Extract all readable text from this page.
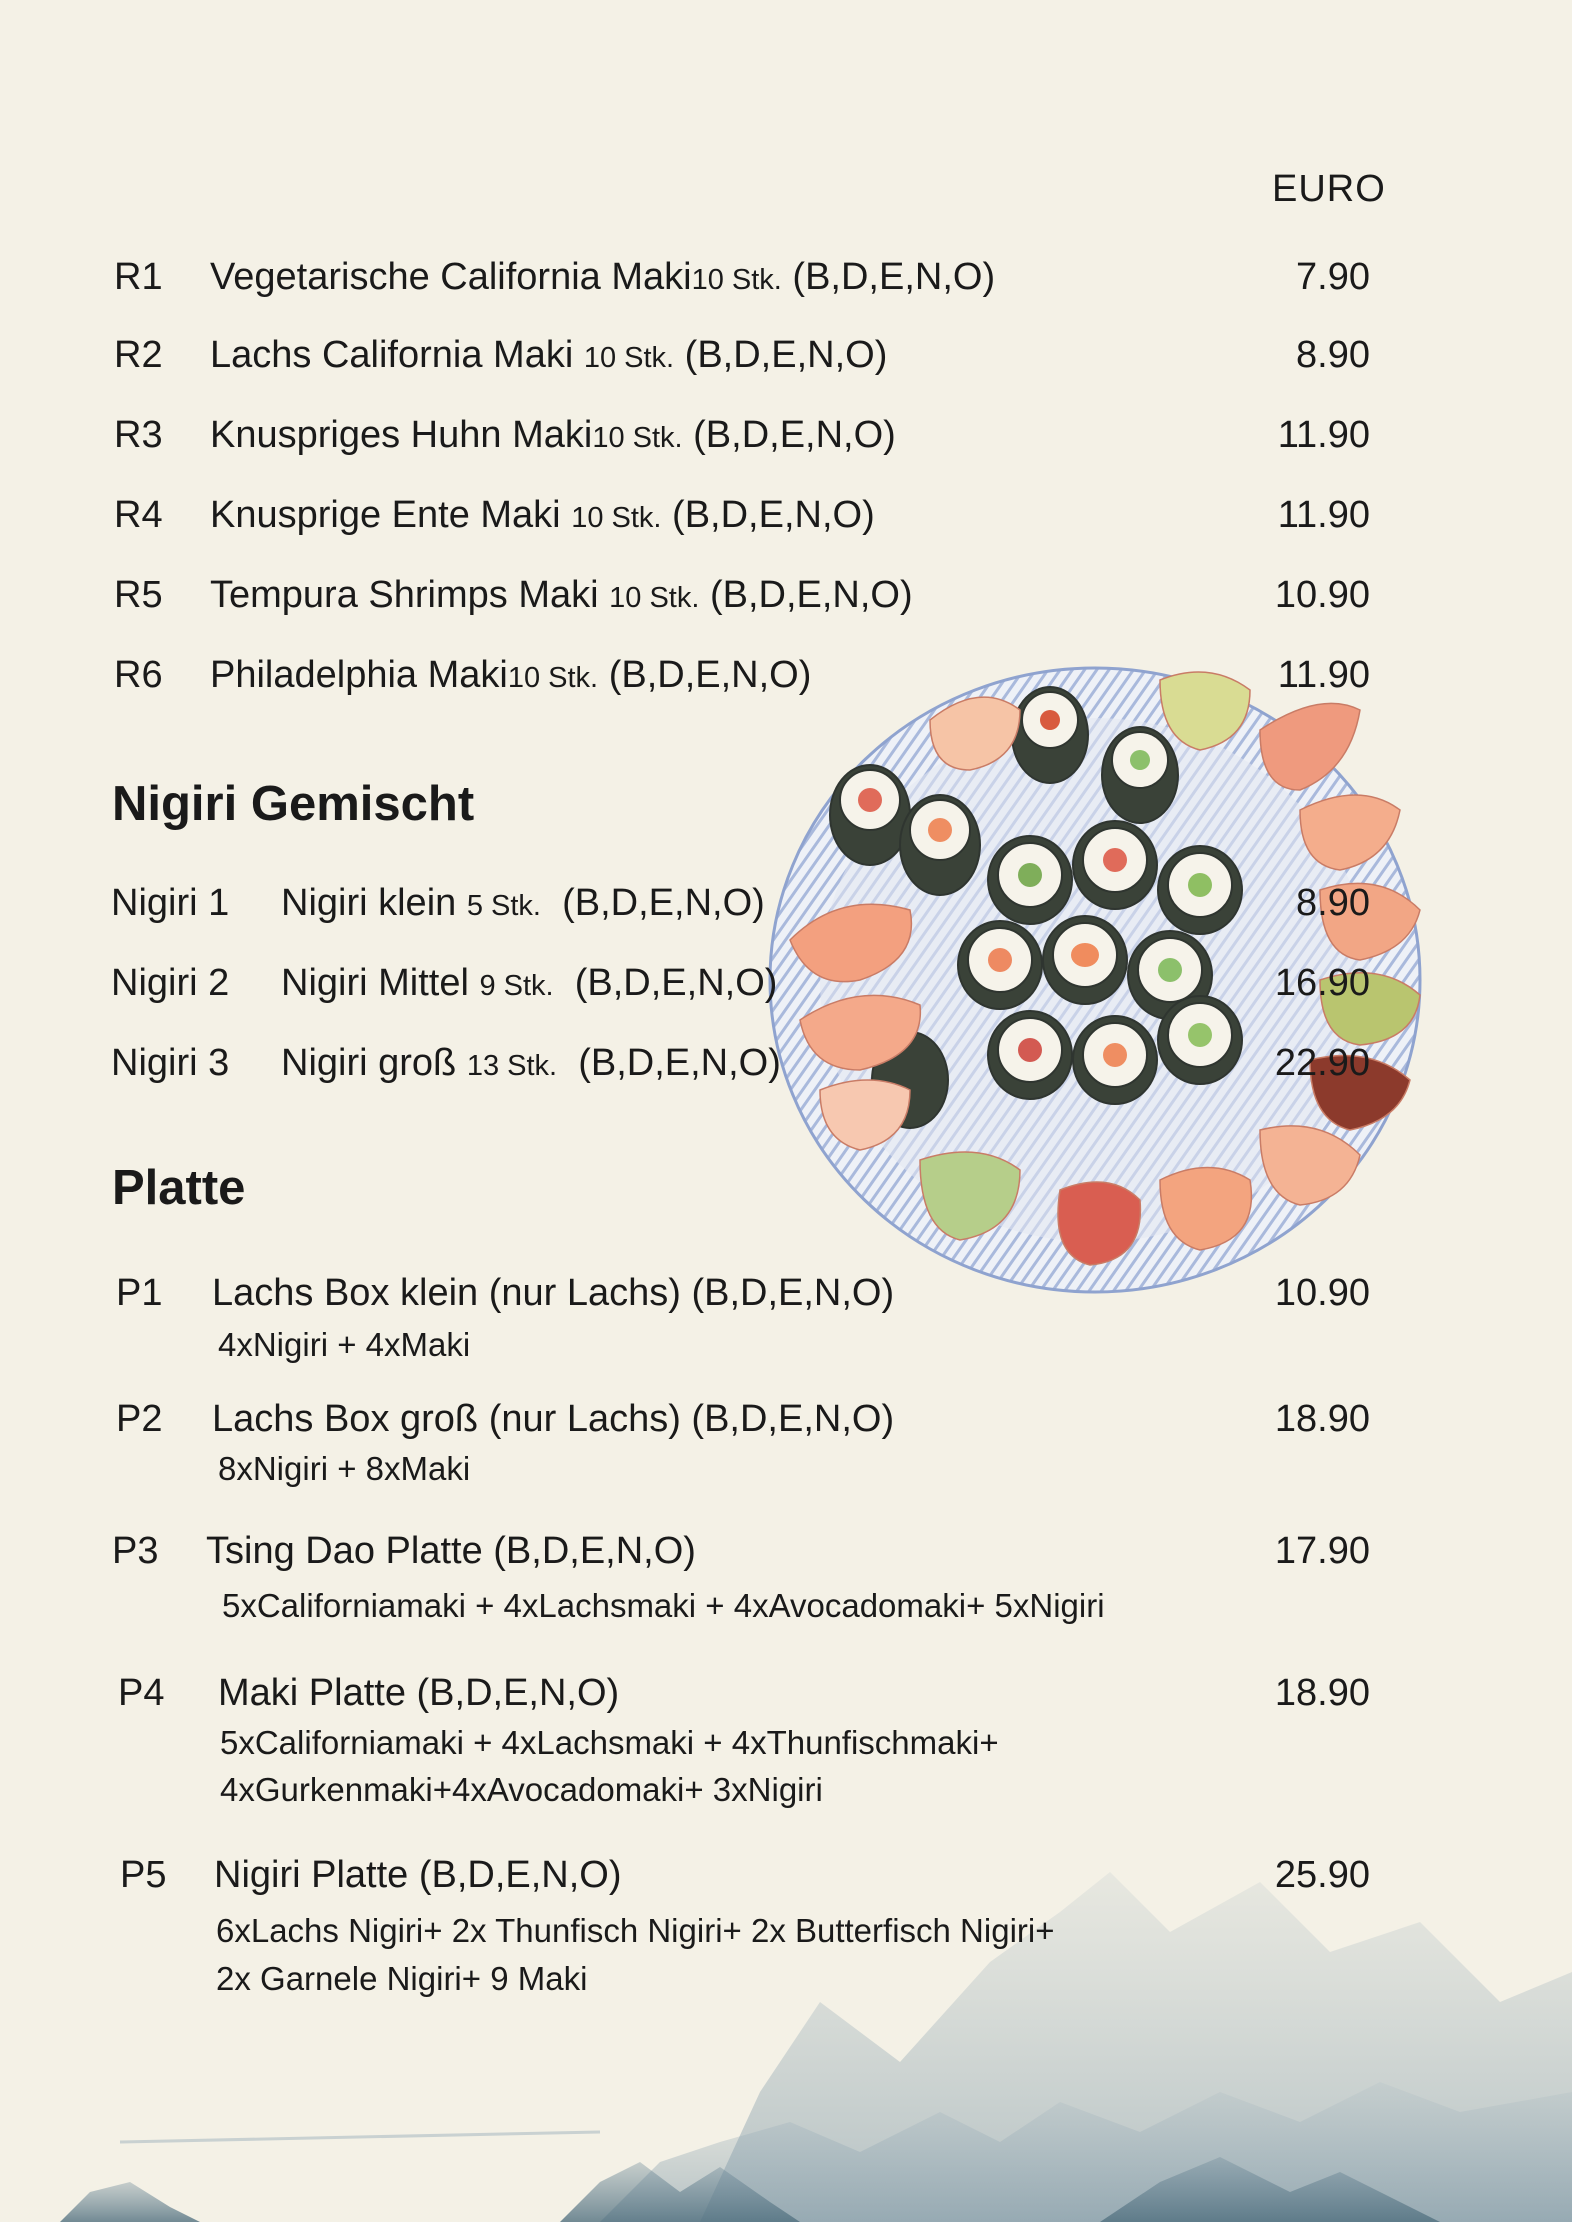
EURO
R1 Vegetarische California Maki10 Stk. (B,D,E,N,O)	7.90
R2 Lachs California Maki 10 Stk. (B,D,E,N,O)	8.90
R3 Knuspriges Huhn Maki10 Stk. (B,D,E,N,O)	11.90
R4 Knusprige Ente Maki 10 Stk. (B,D,E,N,O)	11.90
R5 Tempura Shrimps Maki 10 Stk. (B,D,E,N,O)	10.90
R6 Philadelphia Maki10 Stk. (B,D,E,N,O)	11.90
Nigiri Gemischt
Nigiri 1 Nigiri klein 5 Stk. (B,D,E,N,O)	8.90
Nigiri 2 Nigiri Mittel 9 Stk. (B,D,E,N,O)	16.90
Nigiri 3 Nigiri groß 13 Stk. (B,D,E,N,O)	22.90
Platte
P1 Lachs Box klein (nur Lachs) (B,D,E,N,O)	10.90
4xNigiri + 4xMaki
P2 Lachs Box groß (nur Lachs) (B,D,E,N,O)	18.90
8xNigiri + 8xMaki
P3 Tsing Dao Platte (B,D,E,N,O)	17.90
5xCaliforniamaki + 4xLachsmaki + 4xAvocadomaki+ 5xNigiri
P4 Maki Platte (B,D,E,N,O)	18.90
5xCaliforniamaki + 4xLachsmaki + 4xThunfischmaki+
4xGurkenmaki+4xAvocadomaki+ 3xNigiri
P5 Nigiri Platte (B,D,E,N,O)	25.90
6xLachs Nigiri+ 2x Thunfisch Nigiri+ 2x Butterfisch Nigiri+
2x Garnele Nigiri+ 9 Maki
